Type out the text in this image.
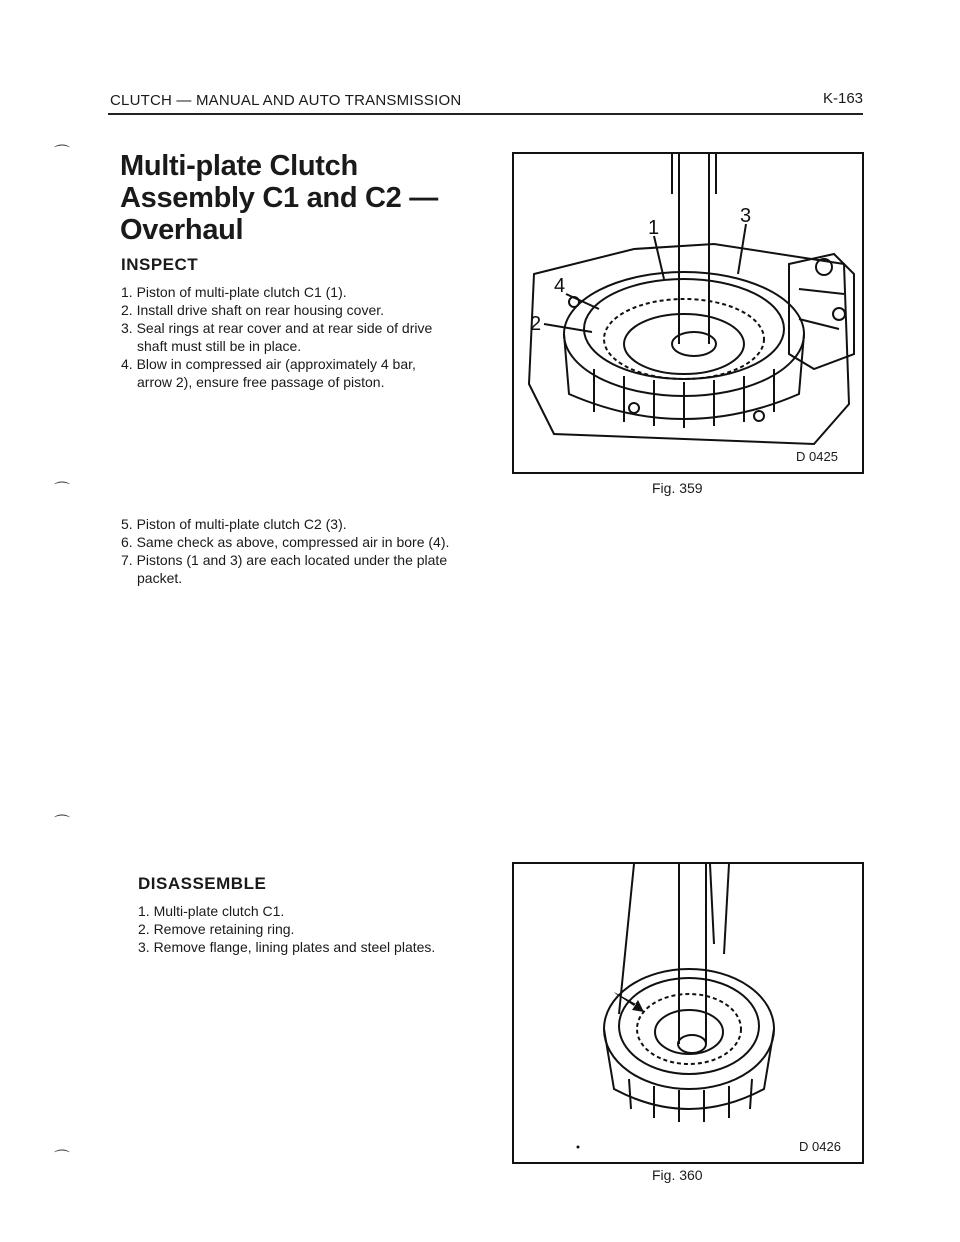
CLUTCH — MANUAL AND AUTO TRANSMISSION	K-163
⌒
⌒
⌒
⌒
Multi-plate Clutch
Assembly C1 and C2 —
Overhaul
INSPECT
1. Piston of multi-plate clutch C1 (1).
2. Install drive shaft on rear housing cover.
3. Seal rings at rear cover and at rear side of drive shaft must still be in place.
4. Blow in compressed air (approximately 4 bar, arrow 2), ensure free passage of piston.
5. Piston of multi-plate clutch C2 (3).
6. Same check as above, compressed air in bore (4).
7. Pistons (1 and 3) are each located under the plate packet.
DISASSEMBLE
1. Multi-plate clutch C1.
2. Remove retaining ring.
3. Remove flange, lining plates and steel plates.
1
3
4
2
D 0425
Fig. 359
D 0426
Fig. 360
